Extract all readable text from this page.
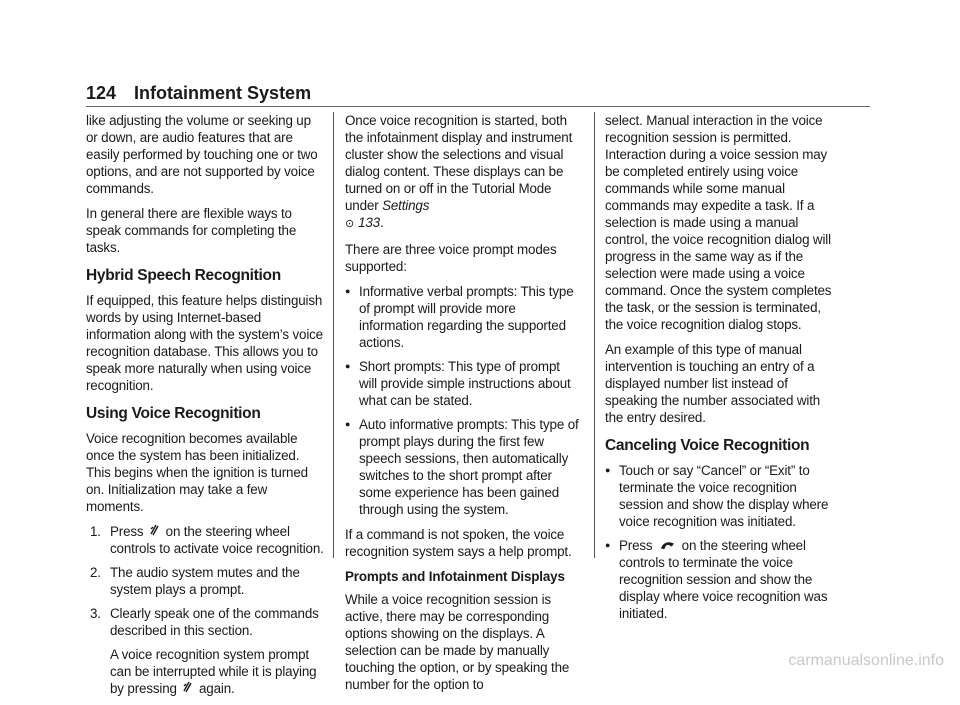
124 Infotainment System

like adjusting the volume or seeking up or down, are audio features that are easily performed by touching one or two options, and are not supported by voice commands.

In general there are flexible ways to speak commands for completing the tasks.

Hybrid Speech Recognition

If equipped, this feature helps distinguish words by using Internet-based information along with the system’s voice recognition database. This allows you to speak more naturally when using voice recognition.

Using Voice Recognition

Voice recognition becomes available once the system has been initialized. This begins when the ignition is turned on. Initialization may take a few moments.

1. Press on the steering wheel controls to activate voice recognition.
2. The audio system mutes and the system plays a prompt.
3. Clearly speak one of the commands described in this section.
A voice recognition system prompt can be interrupted while it is playing by pressing again.

Once voice recognition is started, both the infotainment display and instrument cluster show the selections and visual dialog content. These displays can be turned on or off in the Tutorial Mode under Settings
⊙ 133.

There are three voice prompt modes supported:

● Informative verbal prompts: This type of prompt will provide more information regarding the supported actions.
● Short prompts: This type of prompt will provide simple instructions about what can be stated.
● Auto informative prompts: This type of prompt plays during the first few speech sessions, then automatically switches to the short prompt after some experience has been gained through using the system.

If a command is not spoken, the voice recognition system says a help prompt.

Prompts and Infotainment Displays

While a voice recognition session is active, there may be corresponding options showing on the displays. A selection can be made by manually touching the option, or by speaking the number for the option to

select. Manual interaction in the voice recognition session is permitted. Interaction during a voice session may be completed entirely using voice commands while some manual commands may expedite a task. If a selection is made using a manual control, the voice recognition dialog will progress in the same way as if the selection were made using a voice command. Once the system completes the task, or the session is terminated, the voice recognition dialog stops.

An example of this type of manual intervention is touching an entry of a displayed number list instead of speaking the number associated with the entry desired.

Canceling Voice Recognition
● Touch or say “Cancel” or “Exit” to terminate the voice recognition session and show the display where voice recognition was initiated.
● Press on the steering wheel controls to terminate the voice recognition session and show the display where voice recognition was initiated.
carmanualsonline.info
